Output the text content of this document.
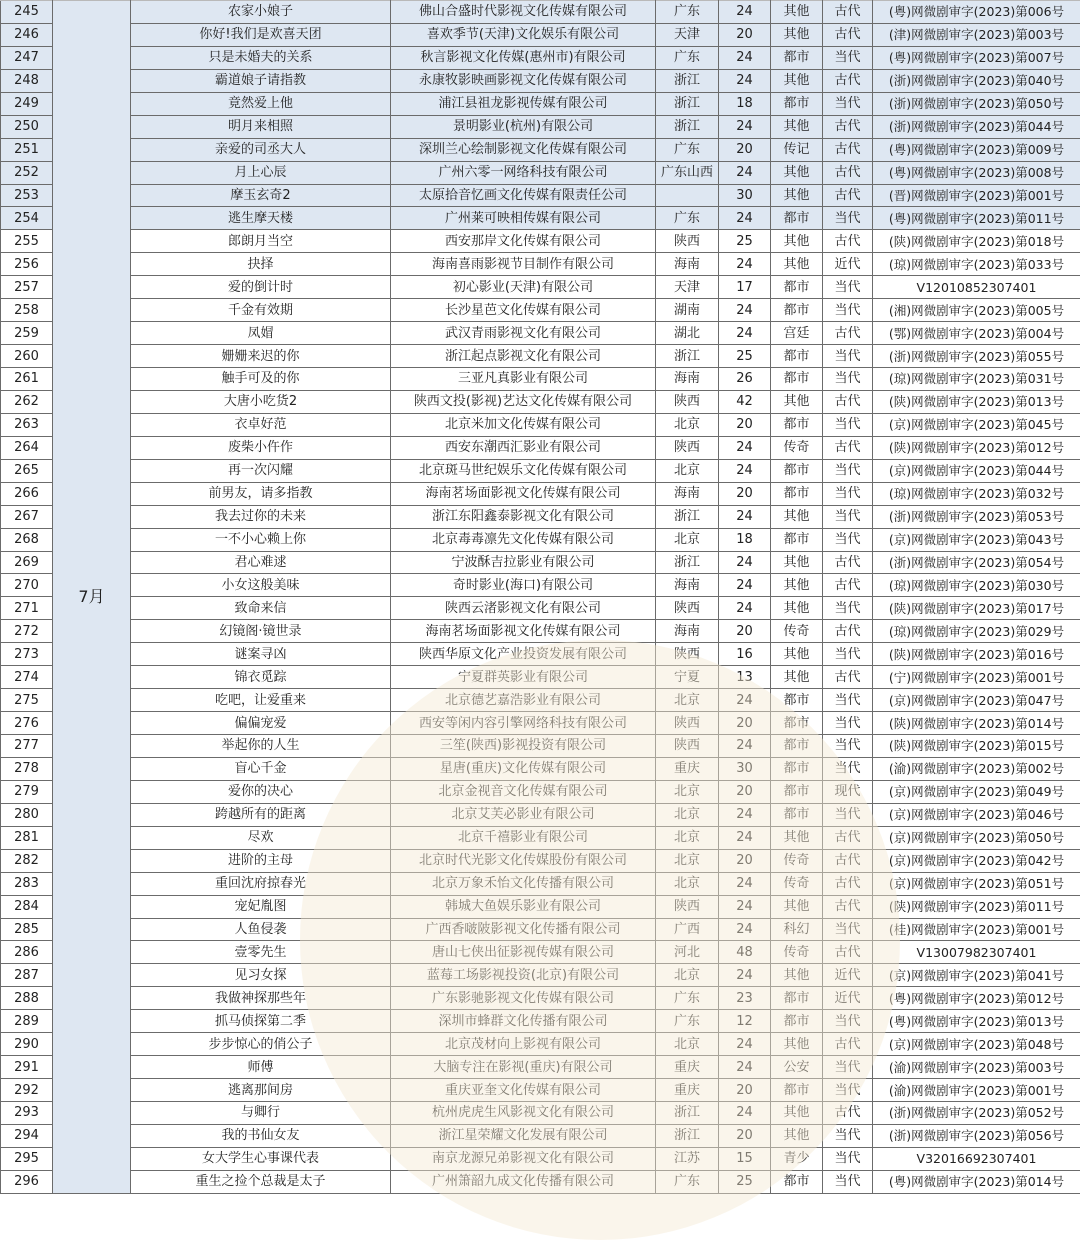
245	7月	农家小娘子	佛山合盛时代影视文化传媒有限公司	广东	24	其他	古代	(粤)网微剧审字(2023)第006号
246		你好!我们是欢喜天团	喜欢季节(天津)文化娱乐有限公司	天津	20	其他	古代	(津)网微剧审字(2023)第003号
247		只是未婚夫的关系	秋言影视文化传媒(惠州市)有限公司	广东	24	都市	当代	(粤)网微剧审字(2023)第007号
248		霸道娘子请指教	永康牧影映画影视文化传媒有限公司	浙江	24	其他	古代	(浙)网微剧审字(2023)第040号
249		竟然爱上他	浦江县祖龙影视传媒有限公司	浙江	18	都市	当代	(浙)网微剧审字(2023)第050号
250		明月来相照	景明影业(杭州)有限公司	浙江	24	其他	古代	(浙)网微剧审字(2023)第044号
251		亲爱的司丞大人	深圳兰心绘制影视文化传媒有限公司	广东	20	传记	古代	(粤)网微剧审字(2023)第009号
252		月上心辰	广州六零一网络科技有限公司	广东山西	24	其他	古代	(粤)网微剧审字(2023)第008号
253		摩玉玄奇2	太原拾音忆画文化传媒有限责任公司		30	其他	古代	(晋)网微剧审字(2023)第001号
254		逃生摩天楼	广州莱可映相传媒有限公司	广东	24	都市	当代	(粤)网微剧审字(2023)第011号
255		郎朗月当空	西安那岸文化传媒有限公司	陕西	25	其他	古代	(陕)网微剧审字(2023)第018号
256		抉择	海南喜雨影视节目制作有限公司	海南	24	其他	近代	(琼)网微剧审字(2023)第033号
257		爱的倒计时	初心影业(天津)有限公司	天津	17	都市	当代	V12010852307401
258		千金有效期	长沙星芭文化传媒有限公司	湖南	24	都市	当代	(湘)网微剧审字(2023)第005号
259		凤媢	武汉青雨影视文化有限公司	湖北	24	宫廷	古代	(鄂)网微剧审字(2023)第004号
260		姗姗来迟的你	浙江起点影视文化有限公司	浙江	25	都市	当代	(浙)网微剧审字(2023)第055号
261		触手可及的你	三亚凡真影业有限公司	海南	26	都市	当代	(琼)网微剧审字(2023)第031号
262		大唐小吃货2	陕西文投(影视)艺达文化传媒有限公司	陕西	42	其他	古代	(陕)网微剧审字(2023)第013号
263		衣卓好范	北京米加文化传媒有限公司	北京	20	都市	当代	(京)网微剧审字(2023)第045号
264		废柴小仵作	西安东潮西汇影业有限公司	陕西	24	传奇	古代	(陕)网微剧审字(2023)第012号
265		再一次闪耀	北京斑马世纪娱乐文化传媒有限公司	北京	24	都市	当代	(京)网微剧审字(2023)第044号
266		前男友，请多指教	海南茗场面影视文化传媒有限公司	海南	20	都市	当代	(琼)网微剧审字(2023)第032号
267		我去过你的未来	浙江东阳鑫泰影视文化有限公司	浙江	24	其他	当代	(浙)网微剧审字(2023)第053号
268		一不小心赖上你	北京毒毒凛先文化传媒有限公司	北京	18	都市	当代	(京)网微剧审字(2023)第043号
269		君心难逑	宁波酥吉拉影业有限公司	浙江	24	其他	古代	(浙)网微剧审字(2023)第054号
270		小女这般美味	奇时影业(海口)有限公司	海南	24	其他	古代	(琼)网微剧审字(2023)第030号
271		致命来信	陕西云渚影视文化有限公司	陕西	24	其他	当代	(陕)网微剧审字(2023)第017号
272		幻镜阁·镜世录	海南茗场面影视文化传媒有限公司	海南	20	传奇	古代	(琼)网微剧审字(2023)第029号
273		谜案寻凶	陕西华原文化产业投资发展有限公司	陕西	16	其他	当代	(陕)网微剧审字(2023)第016号
274		锦衣觅踪	宁夏群英影业有限公司	宁夏	13	其他	古代	(宁)网微剧审字(2023)第001号
275		吃吧，让爱重来	北京德艺嘉浩影业有限公司	北京	24	都市	当代	(京)网微剧审字(2023)第047号
276		偏偏宠爱	西安等闲内容引擎网络科技有限公司	陕西	20	都市	当代	(陕)网微剧审字(2023)第014号
277		举起你的人生	三笙(陕西)影视投资有限公司	陕西	24	都市	当代	(陕)网微剧审字(2023)第015号
278		盲心千金	星唐(重庆)文化传媒有限公司	重庆	30	都市	当代	(渝)网微剧审字(2023)第002号
279		爱你的决心	北京金视音文化传媒有限公司	北京	20	都市	现代	(京)网微剧审字(2023)第049号
280		跨越所有的距离	北京艾芙必影业有限公司	北京	24	都市	当代	(京)网微剧审字(2023)第046号
281		尽欢	北京千禧影业有限公司	北京	24	其他	古代	(京)网微剧审字(2023)第050号
282		进阶的主母	北京时代光影文化传媒股份有限公司	北京	20	传奇	古代	(京)网微剧审字(2023)第042号
283		重回沈府掠春光	北京万象禾怡文化传播有限公司	北京	24	传奇	古代	(京)网微剧审字(2023)第051号
284		宠妃胤图	韩城大鱼娱乐影业有限公司	陕西	24	其他	古代	(陕)网微剧审字(2023)第011号
285		人鱼侵袭	广西香啵陂影视文化传播有限公司	广西	24	科幻	当代	(桂)网微剧审字(2023)第001号
286		壹零先生	唐山七侠出征影视传媒有限公司	河北	48	传奇	古代	V13007982307401
287		见习女探	蓝莓工场影视投资(北京)有限公司	北京	24	其他	近代	(京)网微剧审字(2023)第041号
288		我做神探那些年	广东影驰影视文化传媒有限公司	广东	23	都市	近代	(粤)网微剧审字(2023)第012号
289		抓马侦探第二季	深圳市蜂群文化传播有限公司	广东	12	都市	当代	(粤)网微剧审字(2023)第013号
290		步步惊心的俏公子	北京茂材向上影视有限公司	北京	24	其他	古代	(京)网微剧审字(2023)第048号
291		师傅	大脑专注在影视(重庆)有限公司	重庆	24	公安	当代	(渝)网微剧审字(2023)第003号
292		逃离那间房	重庆亚奎文化传媒有限公司	重庆	20	都市	当代	(渝)网微剧审字(2023)第001号
293		与卿行	杭州虎虎生风影视文化有限公司	浙江	24	其他	古代	(浙)网微剧审字(2023)第052号
294		我的书仙女友	浙江星荣耀文化发展有限公司	浙江	20	其他	当代	(浙)网微剧审字(2023)第056号
295		女大学生心事课代表	南京龙源兄弟影视文化有限公司	江苏	15	青少	当代	V32016692307401
296		重生之捡个总裁是太子	广州箫韶九成文化传播有限公司	广东	25	都市	当代	(粤)网微剧审字(2023)第014号
